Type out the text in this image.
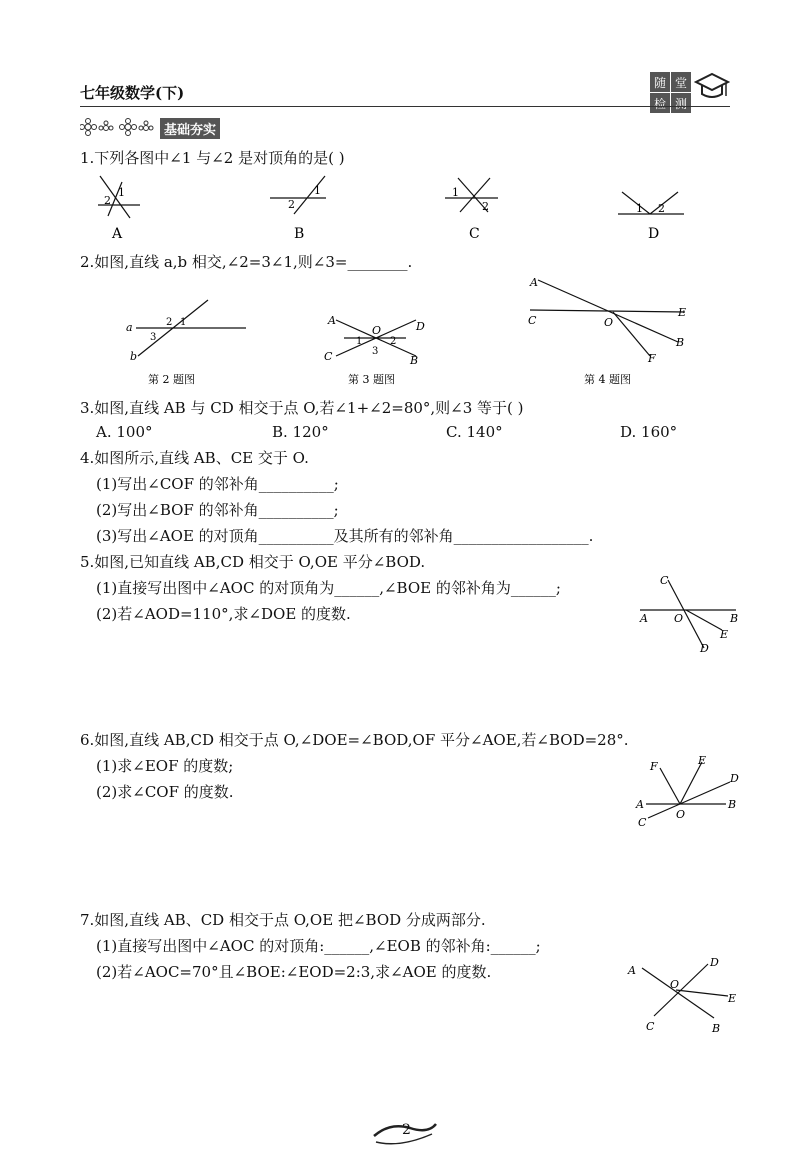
七年级数学(下)
随 堂
检 测
基础夯实
1.下列各图中∠1 与∠2 是对顶角的是( )
1
2
1
2
1
2	1 2
A	B	C	D
2.如图,直线 a,b 相交,∠2=3∠1,则∠3=________.
a
b
1
2
3
A
B
C
D
O
1	2
3
A
B
C
E
F
O
第 2 题图	第 3 题图	第 4 题图
3.如图,直线 AB 与 CD 相交于点 O,若∠1+∠2=80°,则∠3 等于( )
A. 100°	B. 120°	C. 140°	D. 160°
4.如图所示,直线 AB、CE 交于 O.
(1)写出∠COF 的邻补角__________;
(2)写出∠BOF 的邻补角__________;
(3)写出∠AOE 的对顶角__________及其所有的邻补角__________________.
5.如图,已知直线 AB,CD 相交于 O,OE 平分∠BOD.
(1)直接写出图中∠AOC 的对顶角为______,∠BOE 的邻补角为______;
(2)若∠AOD=110°,求∠DOE 的度数.	A	B
C
D
E
O
6.如图,直线 AB,CD 相交于点 O,∠DOE=∠BOD,OF 平分∠AOE,若∠BOD=28°.
(1)求∠EOF 的度数;
(2)求∠COF 的度数.
A	B
C
D
E
F
O
7.如图,直线 AB、CD 相交于点 O,OE 把∠BOD 分成两部分.
(1)直接写出图中∠AOC 的对顶角:______,∠EOB 的邻补角:______;
(2)若∠AOC=70°且∠BOE:∠EOD=2:3,求∠AOE 的度数.	A
B
C
D
E
O
2
